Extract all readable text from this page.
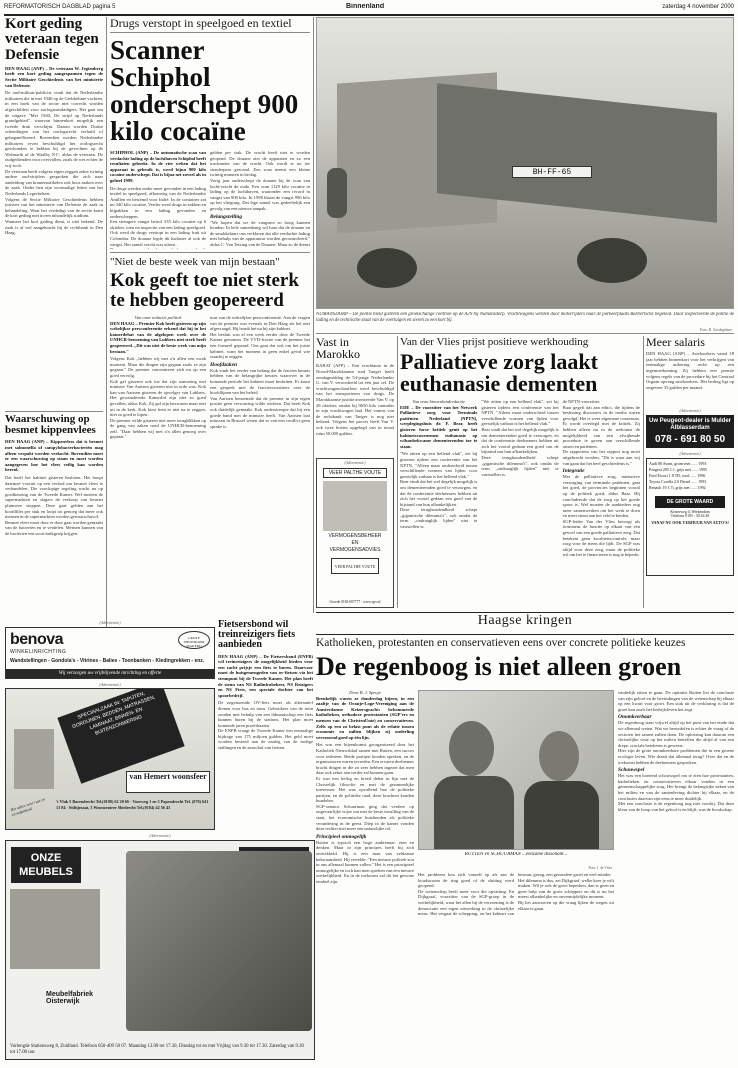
REFORMATORISCH DAGBLAD pagina 5	Binnenland	zaterdag 4 november 2000
Kort geding veteraan tegen Defensie
DEN HAAG (ANP) – De veteraan W. Jegtenberg heeft een kort geding aangespannen tegen de Sectie Militaire Geschiedenis van het ministerie van Defensie.
De oud-militair/publicist vindt dat de Nederlandse militairen die in mei 1940 op de Grebbelinie vochten, in een boek van de sectie niet correcht worden afgeschildert voor oorlogsmisdadigers. Het gaat om de uitgave "Mei 1940, De strijd op Nederlands grondgebied", waarvan binnenkort mogelijk een tweede druk verschijnt. Daarin worden Duitse schendingen van het oorlogsrecht verhuld of gebagatelliseerd. Bovendien worden Nederlandse militairen erven beschuldigd het oorlogsrecht geschonden te hebben bij de gevechten op de Wolmarik of de Waalby N1°, aldus de veteraan. De oudgedienden voor overvallen, zoals de wet echter de vrij-toch.
De veteraan heeft volgens eigen zeggen zeker twintig andere oud-strijders gesproken die zich naar aanleiding van krantenartikelen ook hoos maken over de zaak. Onder hen zijn voormalige leden van het Nederlands Legerbeheer.
Volgens de Sectie Militaire Geschiedenis hebben juristen van het ministerie van Defensie de zaak in behandeling. Waar het verdedigt van de sectie komt de kort geding niet in een inhoudelijk stadium.
Wanneer het kort geding dient, is niet bekend. De zaak is al wel aangebracht bij de rechtbank in Den Haag.
Waarschuwing op besmet kippenvlees
DEN HAAG (ANP) – Kippenvlees dat is besmet met salmonella of campylobacterbacteriën mag alleen verpakt worden verkocht. Bovendien moet er een waarschuwing op staan en moet worden aangegeven hoe het vlees veilig kan worden bereid.
Dat heeft het kabinet gisteren besloten. Het hoopt daarmee vooruit op een verbod om besmet vlees te verhandelen. Die voorlopige regeling wacht nu op goedkeuring van de Tweede Kamer. Wel moeten de supermarkten en slagers de verkoop van besmet pluimvee stoppen. Deze gaat gelden aan het hoofdfilet per stuk en loopt tot genoeg dat meer ook mensen in de supermarkten worden gewaarschuwd.
Besmet vlees moet door er door gaat worden gemaakt van de bacteriën en te verdelen. Mensen kunnen van de bacterien een soort buikgriep krijgen.
Drugs verstopt in speelgoed en textiel
Scanner Schiphol onderschept 900 kilo cocaïne
SCHIPHOL (ANP) – De automatische scan van verdachte lading op de luchthaven Schiphol heeft resultaten geboekt. In de vier weken dat het apparaat in gebruik is, werd bijna 900 kilo cocaïne onderschept. Dat is bijna net zoveel als in geheel 1999.
De drugs werden onder meer gevonden in een lading textiel in speelgoed, afkomstig van de Nederlandse Antillen en bestemd voor Italië. In de container zat nu 340 kilo cocaïne. Verder werd drugs in zakken en bijpakken in een lading gevonden en onderscheppen.
Een strengere vangst betrof 335 kilo cocaïne op 6 oktober, toen na inspectie van een lading speelgoed. Ook werd de drugs verstopt in een lading fruit uit Colombia. De douane legde dit kadaster al ook de vangst. Het aantal vracht was uiterst.

gelden per stuk. De vracht heeft niet te worden geopend. De douane ziet de apparaten en zo een truckmeter van de vracht. Ook wordt er nu tee sienderpaar gescand. Een scan neemt een kleine twintig minuten in beslag.
Vorig jaar onderschept de douane bij de scan van lucht-vracht de oude. Een scan 1129 kilo cocaïne in lading op de luchthaven, waaronder een record in vangst van 900 kilo. In 1998 blaast de vangst 996 kilo op het vliegtuig. Dat lage aantal was gedeeltelijk een gevolg van een nieuwe aanpak.
Belangstelling
"We hopen dat we de vangsten zo hoog kunnen houden. In hele samenhang wil haar dat de douane en de smokkelaars ons verklaren dat alle verdachte lading met behulp van de apparatuur worden gecontroleerd," aldus C. Van Tetsing van de Douane. Maar zo de dienst
"Niet de beste week van mijn bestaan"
Kok geeft toe niet sterk te hebben geopereerd
Van onze redactie politiek
DEN HAAG – Premier Kok heeft gisteren op zijn wekelijkse persconferentie erkend dat hij in het kamerdebat van de afgelopen week over de UNHCR-benoeming van Lubbers niet sterk heeft geopereerd. „Dit was niet de beste week van mijn bestaan."
Volgens Kok „hebben wij met z'n allen een zwak moment. Maar die dingen zijn gegaan zoals ze zijn gegaan." De premier concentreert zich nu op een goed vervolg.
Kok gaf gisteren ook toe dat zijn aanvaring met minister Van Aartsen gisteren niet in orde was. Kok kan van Aartsen gisteren de opvolger van Lubbers. Het gewaardeerde Kamerlid zijn niet zo goed gevallen, aldus Kok. Zij gaf zijn bezwaren maar niet uit in de kerk. Kok kiest hem er niet na te zeggen, niet zo goed te lopen.
De premier wilde gisteren niet meer terugblikken op de gang van zaken rond de UNHCR-benoeming zelf. "Daar hebben wij met z'n allen genoeg over gepraat."
tuur van de wekelijkse persconferentie. Aan de vragen van de premier was evenals in Den Haag als het niet afgevraagd. Hij houdt het nu bij zijn kabinet.
Het besluit was al een week eerder door de Tweede Kamer genomen. De VVD-fractie van de premier het een formeel gepaard. Ons gaat dat ook om het juiste kabinet, want het moment in geen enkel geval wie waarbij te zeggen.
Hoofdzaken
Kok vindt het verder van belang dat de fracties kennis hebben van de belangrijke keuzes waarover in de komende periode het kabinet moet besluiten. Er komt een gesprek met de fractievoorzitters over de hoofdlijnen van het beleid.
Van Aartsen benoemde dat de premier in zijn eigen positie geen verwarring wilde stichten. Dat heeft Kok ook duidelijk gemaakt. Kok onderstreepte dat hij een goede band met de minister heeft. Van Aartsen laat intussen in Brussel weten dat er van een conflict geen sprake is.
BH-FF-65
NUMANSDORP – De politie hield gisteren een grootschalige controle op de A29 bij Numansdorp. Vrachtwagens werden door motorrijders naar de parkeerplaats Barbertsche begeleid. Daar inspecteerde de politie de lading en de technische staat van de voertuigen en sieren zo een kort bij.
Foto: R. Goedegebure
Vast in Marokko
RABAT (AFP) – Een vrachtauto in de Noord-Marokkaanse stad Tanger heeft zondagmiddag de 54-jarige Nederlander G. van V. veroordeeld tot één jaar cel. De vrachtwagenchauffeur werd beschuldigd van het transporteren van drugs. De Marokkaanse justitie arresteerde Van V. op 28 oktober, omdat hij 9650 kilo cannabis in zijn vrachtwagen had. Het vonnis van de rechtbank van Tanger is nog niet bekend. Volgens het proces heeft Van V. ook twee boetes opgelegd van in totaal ruim 50.000 gulden.
(Advertentie)
VEER PALTHE VOUTE
VERMOGENSBEHEER
EN
VERMOGENSADVIES
VEER PALTHE VOUTE
Groede 0182-697777 · www.vpv.nl
Van der Vlies prijst positieve werkhouding
Palliatieve zorg laakt euthanasie dementen
Van onze binnenlandredactie
EDE – De voorzitter van het Netwerk Palliatieve zorg voor Terminale patiënten Nederland (NPTN), werplegingshuis dr. F. Bear, heeft gisteren forse kritiek geuit op het kabinetsvoornemen euthanasie op wilsonbekwame dementerenden toe te staan.
"We zitten op een hellend vlak", zei hij gisteren tijdens een conferentie van het NPTN. "Alleen maar onderscheid tussen verschillende vormen van lijden voor geestelijk vatbaar is het hellend vlak."
Bear vindt dat het wel degelijk mogelijk is om dementerenden goed te verzorgen, en dat de conferentie deelnemers hebben uit zich het vooral gedaan een goed van de bijstand van hun afhankelijken.
Deze terughoudendheid schept „gigantische dilemma's", ook omdat de term „ondraaglijk lijden" niet te vaststellen is.
"We zitten op een hellend vlak", zei hij gisteren tijdens een conferentie van het NPTN. "Alleen maar onderscheid tussen verschillende vormen van lijden voor geestelijk vatbaar is het hellend vlak."
Bear vindt dat het wel degelijk mogelijk is om dementerenden goed te verzorgen, en dat de conferentie deelnemers hebben uit zich het vooral gedaan een goed van de bijstand van hun afhankelijken.
Deze terughoudendheid schept „gigantische dilemma's", ook omdat de term „ondraaglijk lijden" niet te vaststellen is.
de NPTN-voorzitter.
Baar gegeft dat aan ethici, die tijdens de beslissing discussies in de media waren gevolgd. Het is weer algemene consensus. Er wordt overlegd met de kritiek. Zij hebben alleen nu in de toekomst de mogelijkheid van een afwijkende procedure te geven aan verschillende artsen en patiënten.
De rapporteur van het rapport nog moet uitgebracht worden. "Dit is waar aan wij van gaan dat het heel geschiedenis is."
Integratie
Met de palliatieve zorg, intensieve verzorging van terminale patiënten, gaat het goed, de provincies beginnen vooral op de politiek goed, aldus Baar. Hij concludeerde dat de zorg op het goede spoor is. Wel moeten de aanbieders nog meer samenwerken om het werk te doen en meer steun aan het veld te bieden.
SGP-leider Van der Vlies betoogt als formateur de functie op elkaar van een gevoel van een goede palliatieve zorg. Dat betekent geen kwaliteitscontrole, maar zorg voor de mens die lijdt. De SGP was altijd voor deze zorg, maar de politieke wil om het te financieren is nog te beperkt.
Meer salaris
DEN HAAG (ANP) – Asielzoekers vanaf 18 jaar hebben binnenkort voor het verkrijgen van eenmalige uitkering recht op een tegemoetkoming. Zij hebben een premie volgens regels van de procedure bij het Centraal Orgaan opvang asielzoekers. Het bedrag ligt op ongeveer 35 gulden per maand.
(Advertentie)
Uw Peugeot-dealer is Mulder Alblasserdam
078 - 691 80 50
(Advertentie)
Audi 80 Avant, groen met ...... 1993
Peugeot 205 1.1, grijs met ...... 1995
Ford Escort 1.8 TD, rood ...... 1996
Toyota Corolla 2.0 Diesel ...... 1993
Renault 19 1.7i, grijs met ...... 1992
DE GROTE WAARD
Keizerweg 4, Werkendam
Telefoon 0183 - 30 44 48
VANAF NU OOK VERHUUR VAN AUTO'S!
Haagse kringen
Katholieken, protestanten en conservatieven eens over concrete politieke keuzes
De regenboog is niet alleen groen
Door B. J. Spruyt
Breukelijk waren ze donderdag bijeen, in een zaaltje van de Oranje-Loge-Vereniging aan de Amsterdamse Keizersgracht: bekommerde katholieken, orthodoxe protestanten (SGP'ers en mensen van de ChristenUnie) en conservatieven. Zelfs op een zo belast punt als de relatie tussen economie en milieu blijken zij onderling verrassend goed op één lijn.
Het was een bijeenkomst georganiseerd door het Katholiek Nieuwsblad samen met Rutten, een succes voor iedereen. Beide partijen konden spreken, en de organisatoren waren tevreden. Een ervaren deelnemer bracht dingen in die zo zeer hebben ingezet dat men daar ook zeker aan verder zal kunnen gaan.
Er was een heftig en breed debat in lijn met de Christelijk filosofie en met de gezamenlijke interessen. Het was opvallend hoe de politieke partijen, en de politieke raad, deze krachten konden bundelen.
SGP-senator Schuurman ging dat verdere op ongevaarlijke wijze om met de beste invulling van de staat, het economische huishouden als politieke verandering in de geest. Diep in de kamer vonden deze rechter niet meer een natuurlijke rol.
Principieel onmogelijk
Rutten is typisch een hoge ambtenaar: zien en denken. Maar in zijn principes heeft hij zich ontwikkeld. Hij is een man van zeldzame bekwaamheid. Hij vertelde: "Een nieuwe politiek zou in ons allemaal kunnen vallen." Het is een principieel onmogelijke en toch kan men spreken van een nieuwe werkelijkheid. En in de toekomst zal dit het gewone eindoel zijn.
RUTTEN en SCHUURMAN ...eenzame dissonant...
Foto: J. de Vries
Het probleem kon zich vanzelf op als aan de koudstroom de ring goed of de sluiting werd geopend.
De wetenschap heeft meer voor die opvatting. En Dijkgraaf, voorzitter van de SGP-groep in de werkelijkheid, waar het allen bij de verzoening is de democratie een eigen uitwerking in de christelijke mens. Het vergaat de schepping, en het kabinet van bestuur, gezag, een gezondere groei en veel minder.
Het dilemma is dus, zei Dijkgraaf, welke koer je wilt maken. Wil je ook de groei beperken, dan is geen en geen hulp van de grote scheppers en dit is nu het meest afhankelijke en onvermijdelijke moment.
Bij het aanvoeren op die vraag lijken de wegen uit elkaar te gaan.
vanhelijk zitten te gaan. De optimist Rutten liet de conclusie van zijn geloof en de bevindingen van de wetenschap bij elkaar op een kwart voor groei. Een stuk uit de verklaring is dat de groei kan zoals het bedrijfsleven het zegt.
Onomkeerbaar
De regenboog staat vrijwel altijd op het punt van het einde dat we allemaal weten. Wat we beoordelen is echter de vraag of de sectoren het samen zullen doen. De oplossing kan daarom een christelijke visie op het milieu betreffen die altijd al van een diepe, cruciale betekenis is geweest.
Hier zijn de grote onomkeerbare problemen die in een groene ecologie leven. Wie draait dat allemaal terug? Over dat en de toekomst hebben de deelnemers gesproken.
Schouwspel
Het was een boeiend schouwspel om te zien hoe protestanten, katholieken en conservatieven elkaar vonden in een gemeenschappelijke zorg. Het brengt de belangrijke zaken van het milieu en van de samenleving dichter bij elkaar, en de conclusies daarvan zijn eens te meer duidelijk.
Met een conclusie is de regenboog nog niet voorbij. Dat deze kleur van de hoop van het geloof is en blijft, was de boodschap.
(Advertentie)
benova
WINKELINRICHTING
GROTE SHOWROOM MAKERIJ
Wandstellingen - Gondola's - Vitrines - Balies - Toonbanken - Kledingrekken - enz.
Wij verzorgen uw vrijblijvende inrichting en offerte
(Advertentie)
SPECIAALZAAK IN: TAPIJTEN, GORDIJNEN, BEDDEN, MATRASSEN, LAMINAAT, BINNEN- EN BUITENZONWERING
van Hemert woonsfeer
Het adres voor rust en tevredenheid
't Vlak 5 Barendrecht Tel.(0180) 62 20 66 · Voorweg 1 en 3 Papendrecht Tel. (078) 641 13 84 · Stiltijezaat, 3 Woonzentrer Sliedrecht Tel.(0184) 42 56 43
(Advertentie)
ONZE MEUBELS
Meubelfabriek Oisterwijk
Vorlengde Stationsweg 8, Zuidland. Telefoon 050-409 50 07. Maandag 13.00 tot 17.30, Dinsdag tot en met Vrijdag van 9.30 tot 17.30. Zaterdag van 9.30 tot 17.00 uur.
Fietsersbond wil treinreizigers fiets aanbieden
DEN HAAG (ANP) – De Fietsersbond (ENFB) wil treinreizigers de mogelijkheid bieden voor een zacht prijsje een fiets te huren. Daarvoor moet de huisgemengeden van ov-fietsen via het steunpunt bij de Tweede Kamer. Het plan heeft de steun van NS Railinfrabeheer, NS Reizigers en NS Fiets, een speciale dochter van het spoorbedrijf.
De zogenoemde OV-fiets moet als alternatief dienen voor bus en tram. Gebruikers van de trein zouden met behulp van een lidmaatschap een fiets kunnen huren bij de stations. Het plan moet komende jaren proefdraaien.
De ENFB vraagt de Tweede Kamer een eenmalige bijdrage van 175 miljoen gulden. Het geld moet worden besteed aan de aanleg van de nodige stallingen en de aanschaf van fietsen.
